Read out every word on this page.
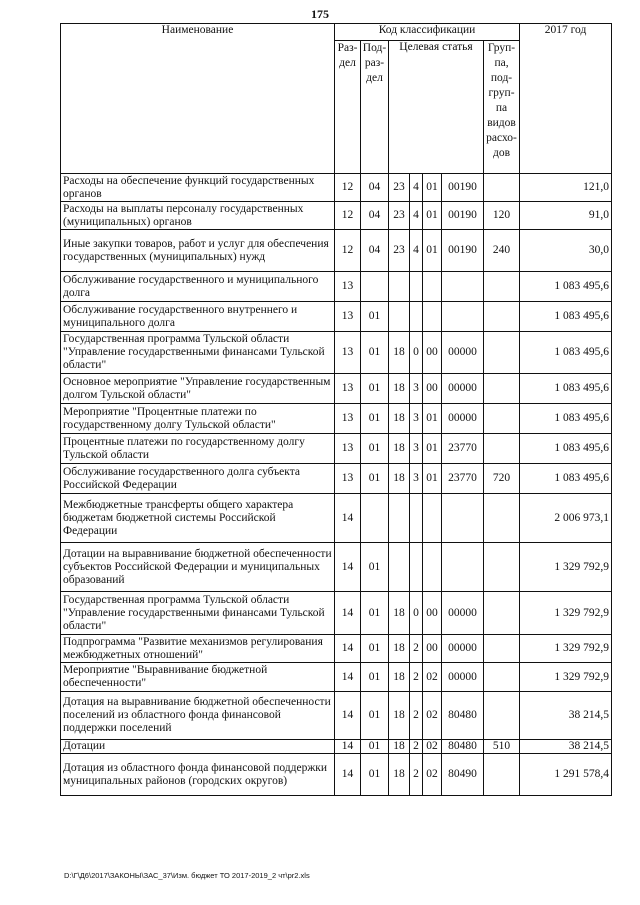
175
Наименование	Код классификации							2017 год
	Раз-дел	Под-раз-дел	Целевая статья				Груп-па, под-груп-па видов расхо-дов	
Расходы на обеспечение функций государственных органов	12	04	23	4	01	00190		121,0
Расходы на выплаты персоналу государственных (муниципальных) органов	12	04	23	4	01	00190	120	91,0
Иные закупки товаров, работ и услуг для обеспечения государственных (муниципальных) нужд	12	04	23	4	01	00190	240	30,0
Обслуживание государственного и муниципального долга	13							1 083 495,6
Обслуживание государственного внутреннего и муниципального долга	13	01						1 083 495,6
Государственная программа Тульской области "Управление государственными финансами Тульской области"	13	01	18	0	00	00000		1 083 495,6
Основное мероприятие "Управление государственным долгом Тульской области"	13	01	18	3	00	00000		1 083 495,6
Мероприятие "Процентные платежи по государственному долгу Тульской области"	13	01	18	3	01	00000		1 083 495,6
Процентные платежи по государственному долгу Тульской области	13	01	18	3	01	23770		1 083 495,6
Обслуживание государственного долга субъекта Российской Федерации	13	01	18	3	01	23770	720	1 083 495,6
Межбюджетные трансферты общего характера бюджетам бюджетной системы Российской Федерации	14							2 006 973,1
Дотации на выравнивание бюджетной обеспеченности субъектов Российской Федерации и муниципальных образований	14	01						1 329 792,9
Государственная программа Тульской области "Управление государственными финансами Тульской области"	14	01	18	0	00	00000		1 329 792,9
Подпрограмма "Развитие механизмов регулирования межбюджетных отношений"	14	01	18	2	00	00000		1 329 792,9
Мероприятие "Выравнивание бюджетной обеспеченности"	14	01	18	2	02	00000		1 329 792,9
Дотация на выравнивание бюджетной обеспеченности поселений из областного фонда финансовой поддержки поселений	14	01	18	2	02	80480		38 214,5
Дотации	14	01	18	2	02	80480	510	38 214,5
Дотация из областного фонда финансовой поддержки муниципальных районов (городских округов)	14	01	18	2	02	80490		1 291 578,4
D:\Г\Д6\2017\ЗАКОНЫ\ЗАС_37\Изм. бюджет ТО 2017-2019_2 чт\pr2.xls
